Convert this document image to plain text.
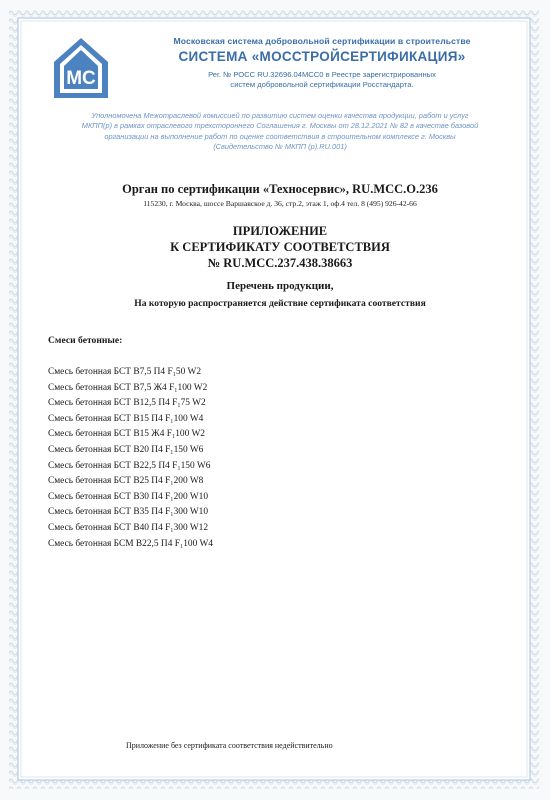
МС
Московская система добровольной сертификации в строительстве
СИСТЕМА «МОССТРОЙСЕРТИФИКАЦИЯ»
Рег. № РОСС RU.32696.04МСС0 в Реестре зарегистрированных
систем добровольной сертификации Росстандарта.
Уполномочена Межотраслевой комиссией по развитию систем оценки качества продукции, работ и услуг
МКПП(р) в рамках отраслевого трехстороннего Соглашения г. Москвы от 28.12.2021 № 82 в качестве базовой
организации на выполнение работ по оценке соответствия в строительном комплексе г. Москвы
(Свидетельство № МКПП (р).RU.001)
Орган по сертификации «Техносервис», RU.МСС.О.236
115230, г. Москва, шоссе Варшавское д. 36, стр.2, этаж 1, оф.4 тел. 8 (495) 926-42-66
ПРИЛОЖЕНИЕ
К СЕРТИФИКАТУ СООТВЕТСТВИЯ
№ RU.МСС.237.438.38663
Перечень продукции,
На которую распространяется действие сертификата соответствия
Смеси бетонные:
Смесь бетонная БСТ В7,5 П4 F₁50 W2
Смесь бетонная БСТ В7,5 Ж4 F₁100 W2
Смесь бетонная БСТ В12,5 П4 F₁75 W2
Смесь бетонная БСТ В15 П4 F₁100 W4
Смесь бетонная БСТ В15 Ж4 F₁100 W2
Смесь бетонная БСТ В20 П4 F₁150 W6
Смесь бетонная БСТ В22,5 П4 F₁150 W6
Смесь бетонная БСТ В25 П4 F₁200 W8
Смесь бетонная БСТ В30 П4 F₁200 W10
Смесь бетонная БСТ В35 П4 F₁300 W10
Смесь бетонная БСТ В40 П4 F₁300 W12
Смесь бетонная БСМ В22,5 П4 F₁100 W4
Приложение без сертификата соответствия недействительно
